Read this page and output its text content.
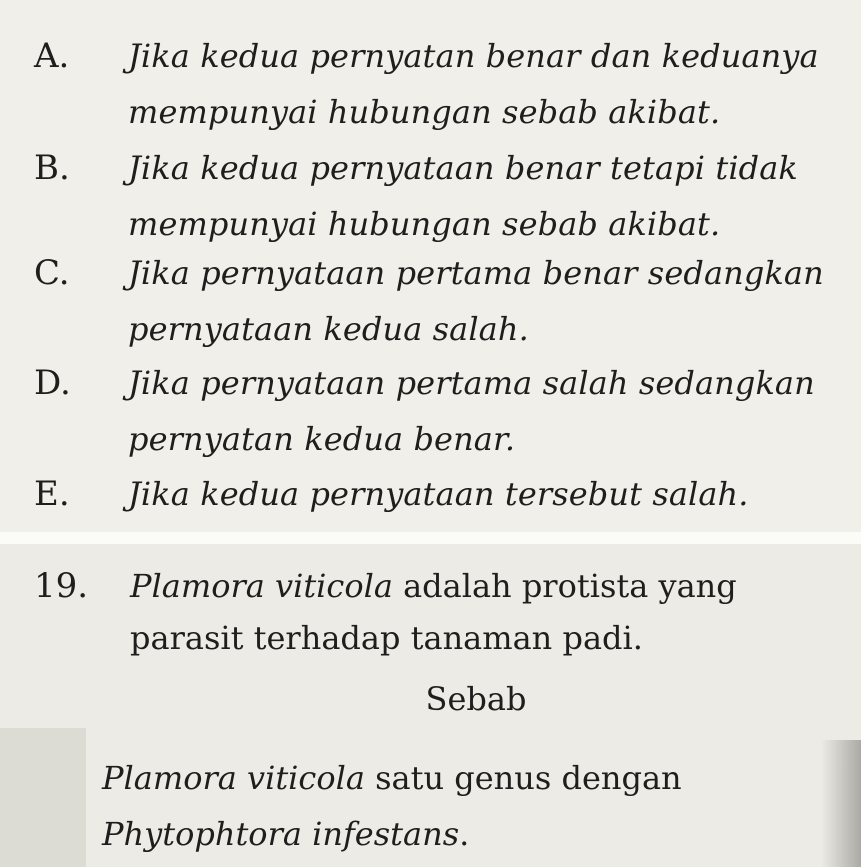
A. Jika kedua pernyatan benar dan keduanya mempunyai hubungan sebab akibat.
B. Jika kedua pernyataan benar tetapi tidak mempunyai hubungan sebab akibat.
C. Jika pernyataan pertama benar sedangkan pernyataan kedua salah.
D. Jika pernyataan pertama salah sedangkan pernyatan kedua benar.
E. Jika kedua pernyataan tersebut salah.
19. Plamora viticola adalah protista yang parasit terhadap tanaman padi.
Sebab
Plamora viticola satu genus dengan Phytophtora infestans.
